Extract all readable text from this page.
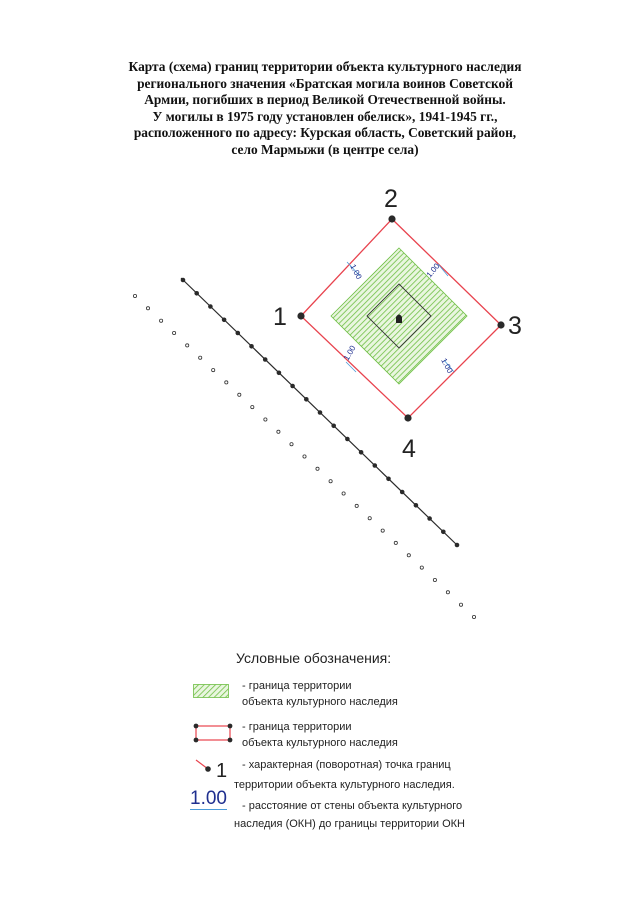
Карта (схема) границ территории объекта культурного наследия
регионального значения «Братская могила воинов Советской
Армии, погибших в период Великой Отечественной войны.
У могилы в 1975 году установлен обелиск», 1941-1945 гг.,
расположенного по адресу: Курская область, Советский район,
село Мармыжи (в центре села)
1.00	1.00
1.00
1.00
1
2
3
4
Условные обозначения:
- граница территории
объекта культурного наследия
- граница территории
объекта культурного наследия
1 - характерная (поворотная) точка границ
территории объекта культурного наследия.
1.00 - расстояние от стены объекта культурного
наследия (ОКН) до границы территории ОКН
